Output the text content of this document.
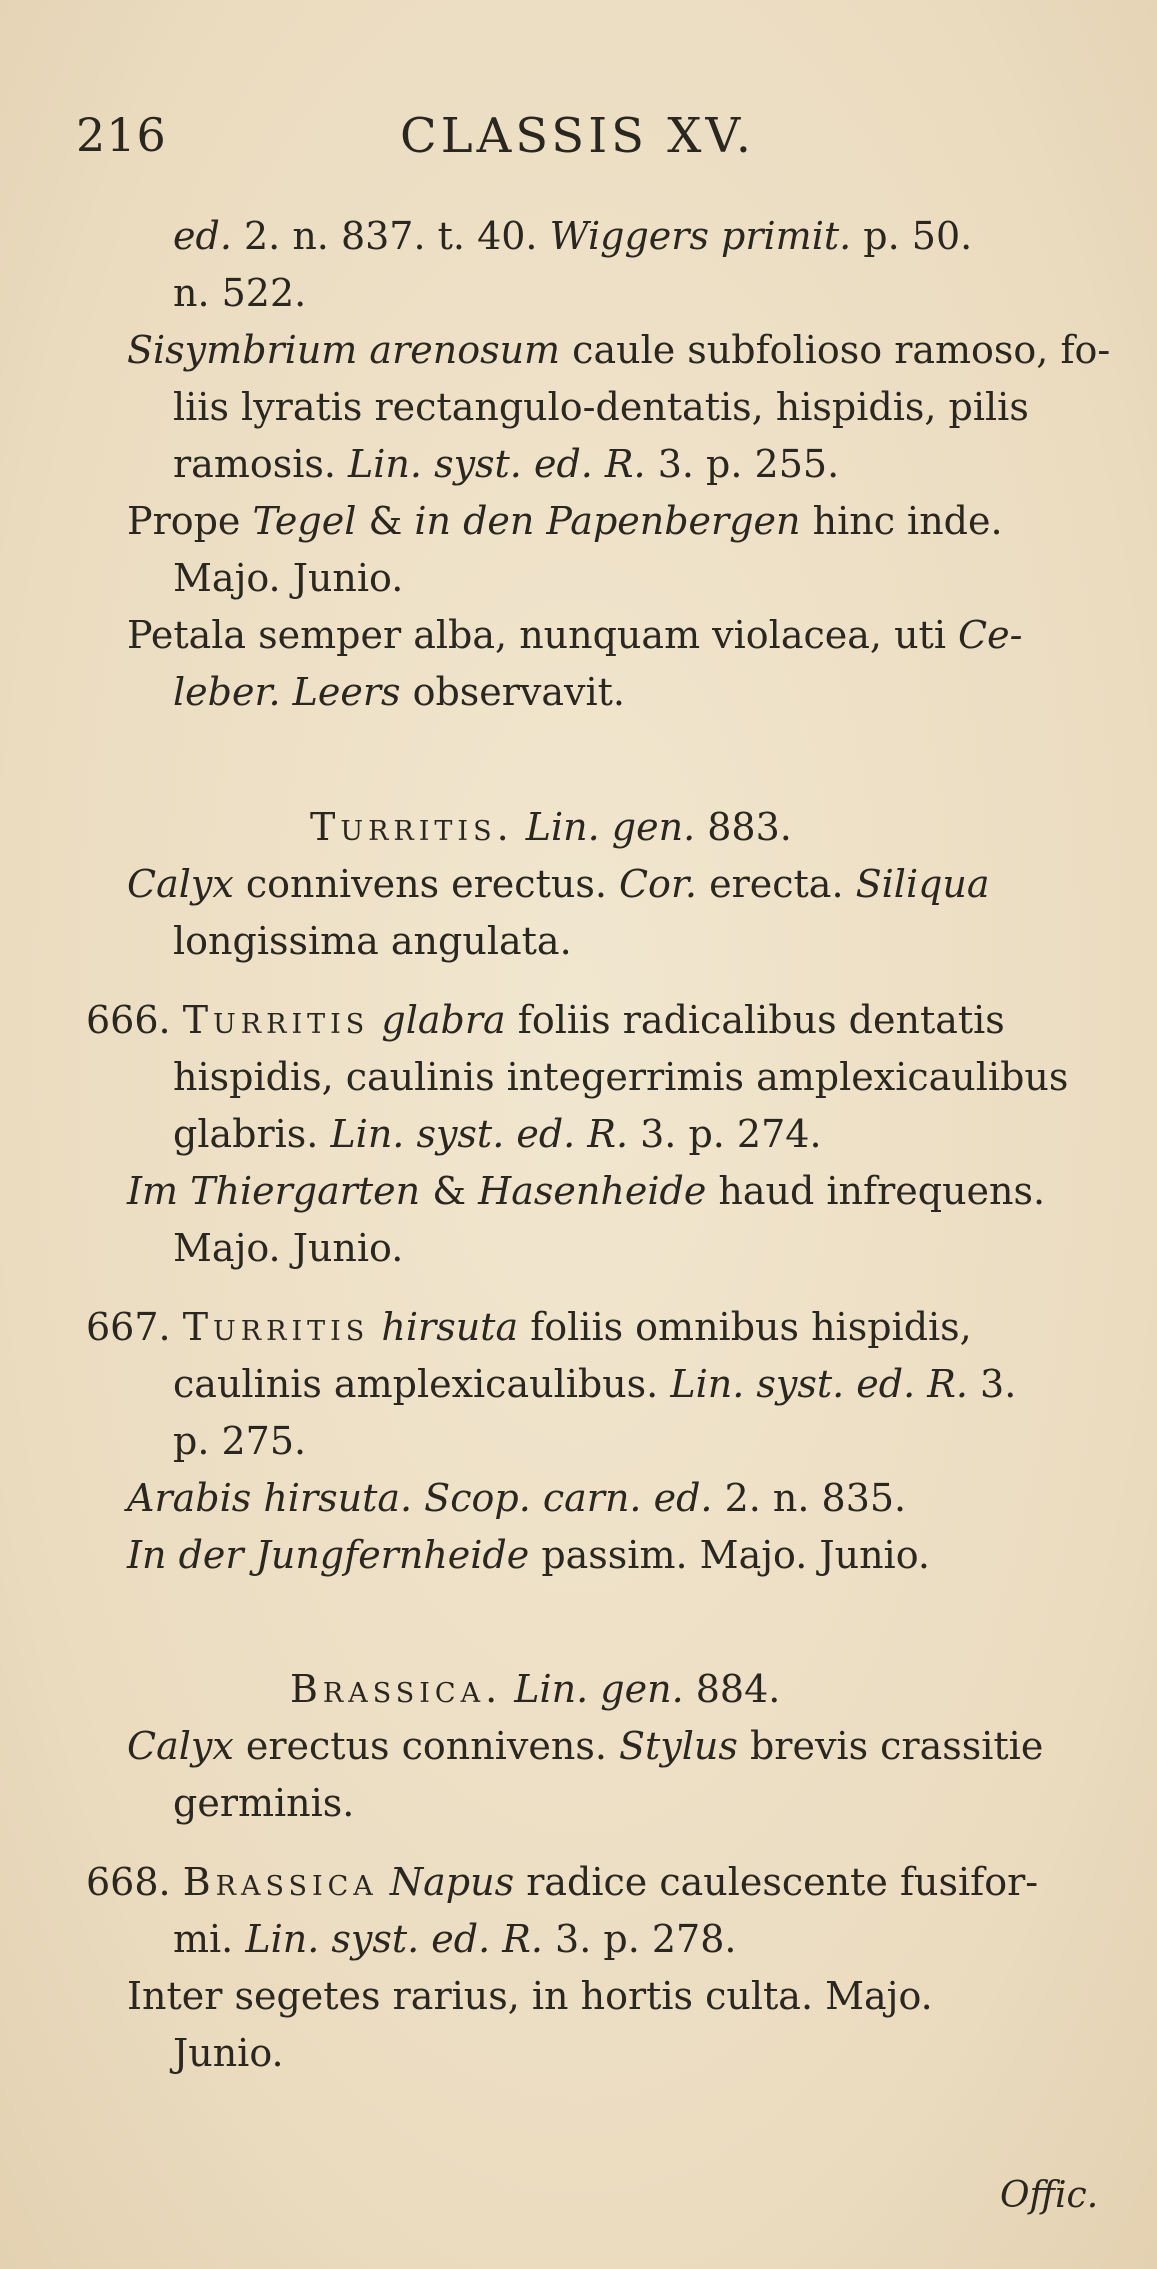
216	CLASSIS XV.
ed. 2. n. 837. t. 40. Wiggers primit. p. 50.
n. 522.
Sisymbrium arenosum caule subfolioso ramoso, fo-
liis lyratis rectangulo-dentatis, hispidis, pilis
ramosis. Lin. syst. ed. R. 3. p. 255.
Prope Tegel & in den Papenbergen hinc inde.
Majo. Junio.
Petala semper alba, nunquam violacea, uti Ce-
leber. Leers observavit.
Turritis. Lin. gen. 883.
Calyx connivens erectus. Cor. erecta. Siliqua
longissima angulata.
666. Turritis glabra foliis radicalibus dentatis
hispidis, caulinis integerrimis amplexicaulibus
glabris. Lin. syst. ed. R. 3. p. 274.
Im Thiergarten & Hasenheide haud infrequens.
Majo. Junio.
667. Turritis hirsuta foliis omnibus hispidis,
caulinis amplexicaulibus. Lin. syst. ed. R. 3.
p. 275.
Arabis hirsuta. Scop. carn. ed. 2. n. 835.
In der Jungfernheide passim. Majo. Junio.
Brassica. Lin. gen. 884.
Calyx erectus connivens. Stylus brevis crassitie
germinis.
668. Brassica Napus radice caulescente fusifor-
mi. Lin. syst. ed. R. 3. p. 278.
Inter segetes rarius, in hortis culta. Majo.
Junio.
Offic.
